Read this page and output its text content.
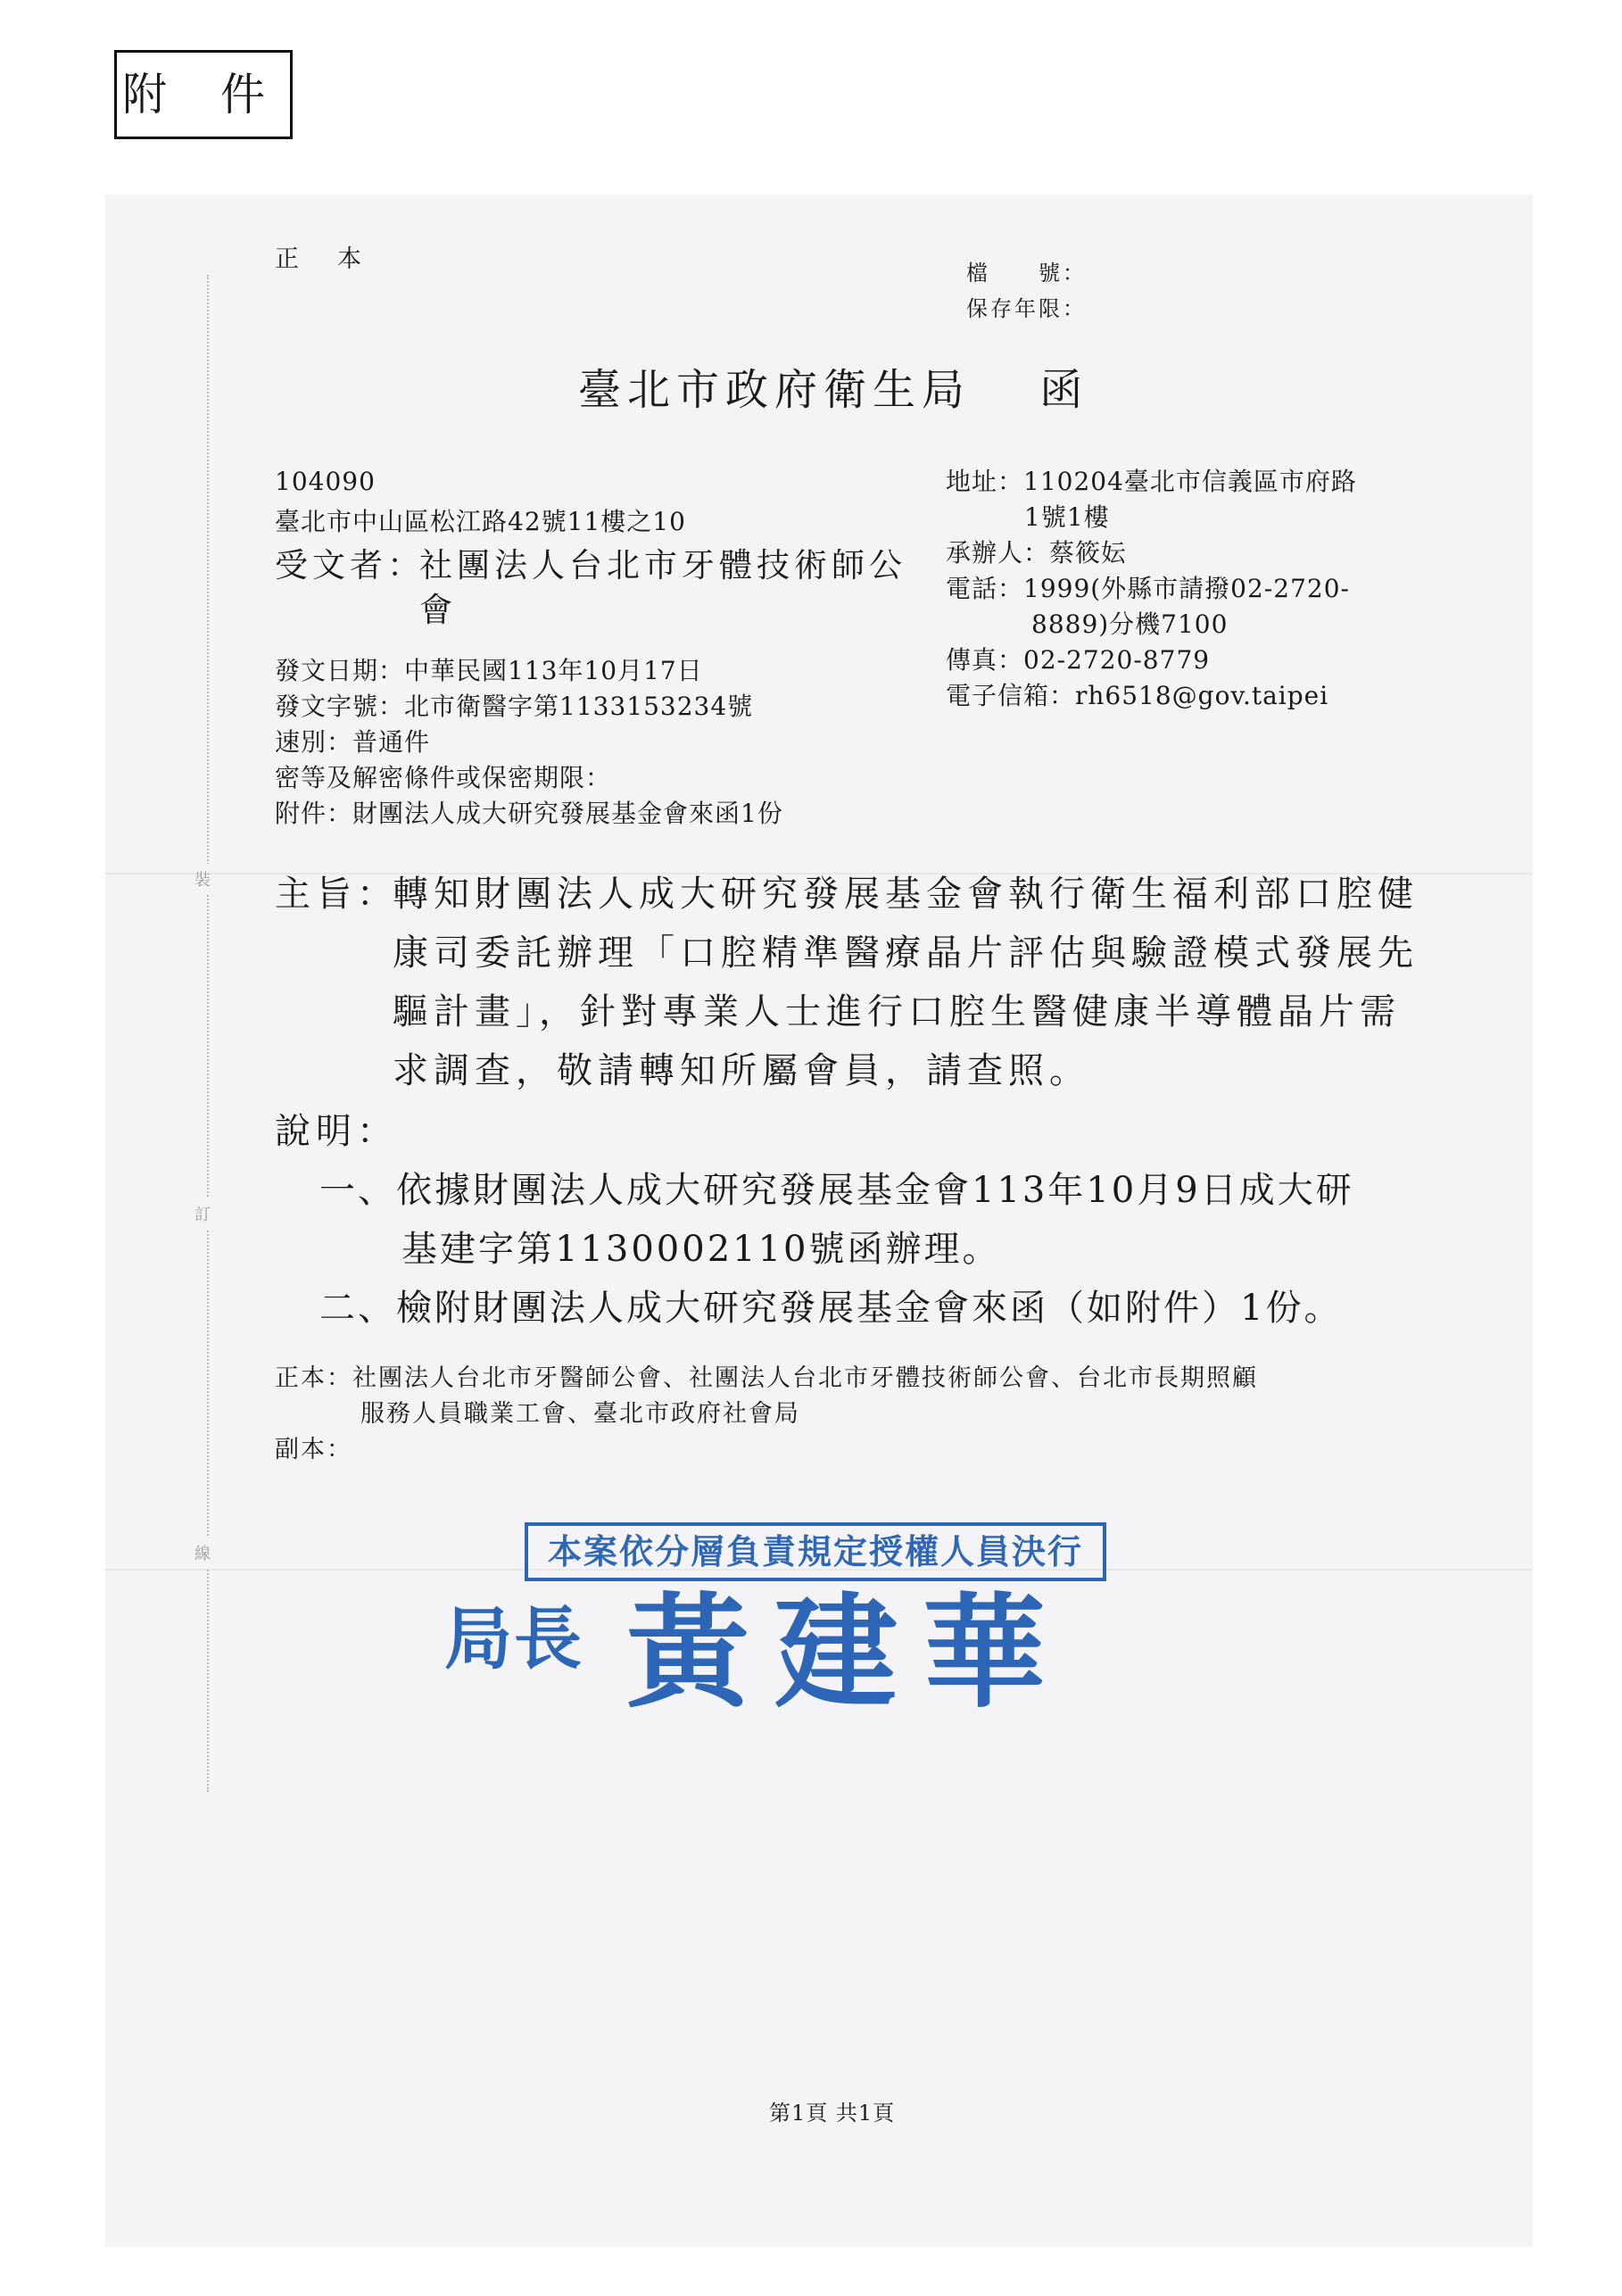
附 件
裝
訂
線
正　本	檔　　號：
保存年限：
臺北市政府衛生局　 函
104090
臺北市中山區松江路42號11樓之10
受文者：
社團法人台北市牙體技術師公
會
地址：110204臺北市信義區市府路
1號1樓
承辦人：蔡筱妘
電話：1999(外縣市請撥02-2720-
8889)分機7100
傳真：02-2720-8779
電子信箱：rh6518@gov.taipei
發文日期：中華民國113年10月17日
發文字號：北市衛醫字第1133153234號
速別：普通件
密等及解密條件或保密期限：
附件：財團法人成大研究發展基金會來函1份
主旨：
轉知財團法人成大研究發展基金會執行衛生福利部口腔健
康司委託辦理「口腔精準醫療晶片評估與驗證模式發展先
驅計畫」，針對專業人士進行口腔生醫健康半導體晶片需
求調查，敬請轉知所屬會員，請查照。
說明：
一、依據財團法人成大研究發展基金會113年10月9日成大研
基建字第1130002110號函辦理。
二、檢附財團法人成大研究發展基金會來函（如附件）1份。
正本：社團法人台北市牙醫師公會、社團法人台北市牙體技術師公會、台北市長期照顧
服務人員職業工會、臺北市政府社會局
副本：
局長 黃建華
本案依分層負責規定授權人員決行
第1頁 共1頁
